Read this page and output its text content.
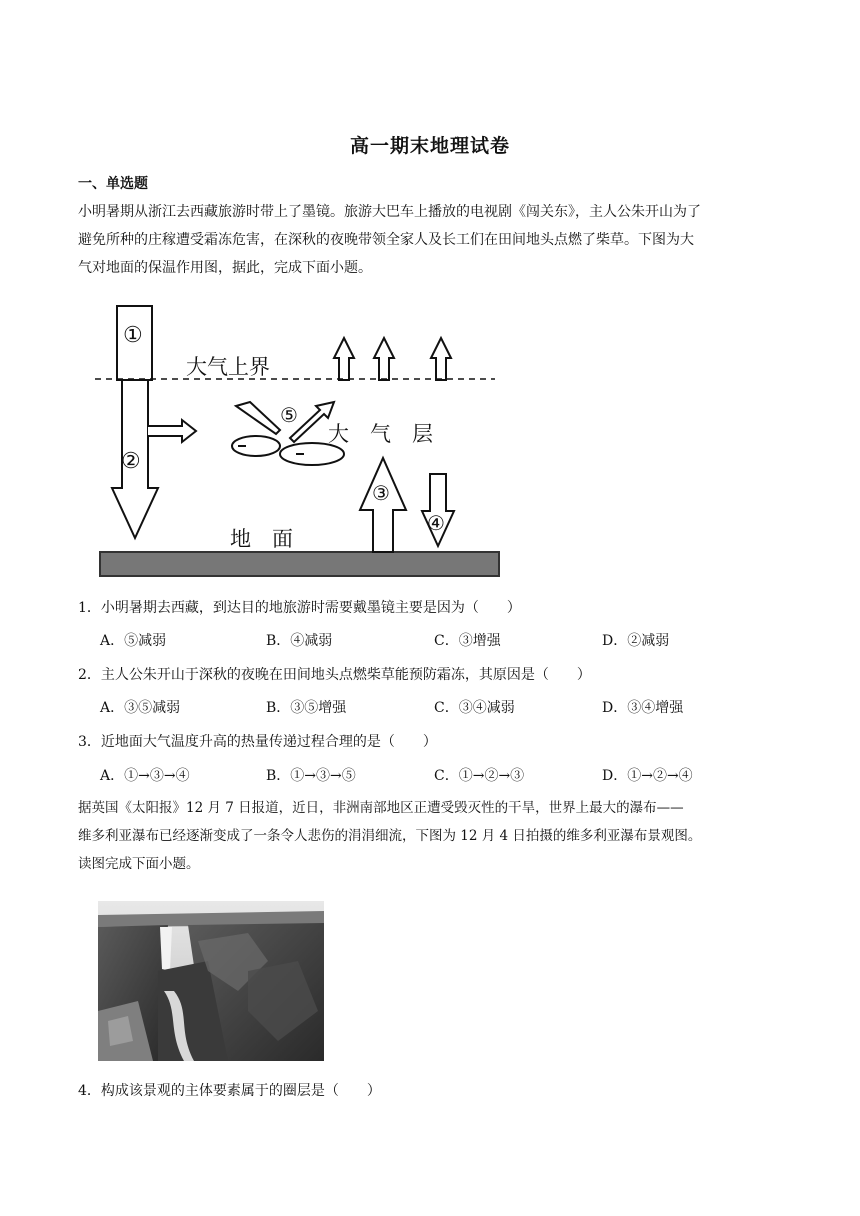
高一期末地理试卷
一、单选题
小明暑期从浙江去西藏旅游时带上了墨镜。旅游大巴车上播放的电视剧《闯关东》，主人公朱开山为了
避免所种的庄稼遭受霜冻危害，在深秋的夜晚带领全家人及长工们在田间地头点燃了柴草。下图为大
气对地面的保温作用图，据此，完成下面小题。
大气上界
大　气　层
地　面
①
②
③
④
⑤
1．小明暑期去西藏，到达目的地旅游时需要戴墨镜主要是因为（　　）
A．⑤减弱	B．④减弱	C．③增强	D．②减弱
2．主人公朱开山于深秋的夜晚在田间地头点燃柴草能预防霜冻，其原因是（　　）
A．③⑤减弱	B．③⑤增强	C．③④减弱	D．③④增强
3．近地面大气温度升高的热量传递过程合理的是（　　）
A．①→③→④	B．①→③→⑤	C．①→②→③	D．①→②→④
据英国《太阳报》12 月 7 日报道，近日，非洲南部地区正遭受毁灭性的干旱，世界上最大的瀑布——
维多利亚瀑布已经逐渐变成了一条令人悲伤的涓涓细流，下图为 12 月 4 日拍摄的维多利亚瀑布景观图。
读图完成下面小题。
4．构成该景观的主体要素属于的圈层是（　　）
